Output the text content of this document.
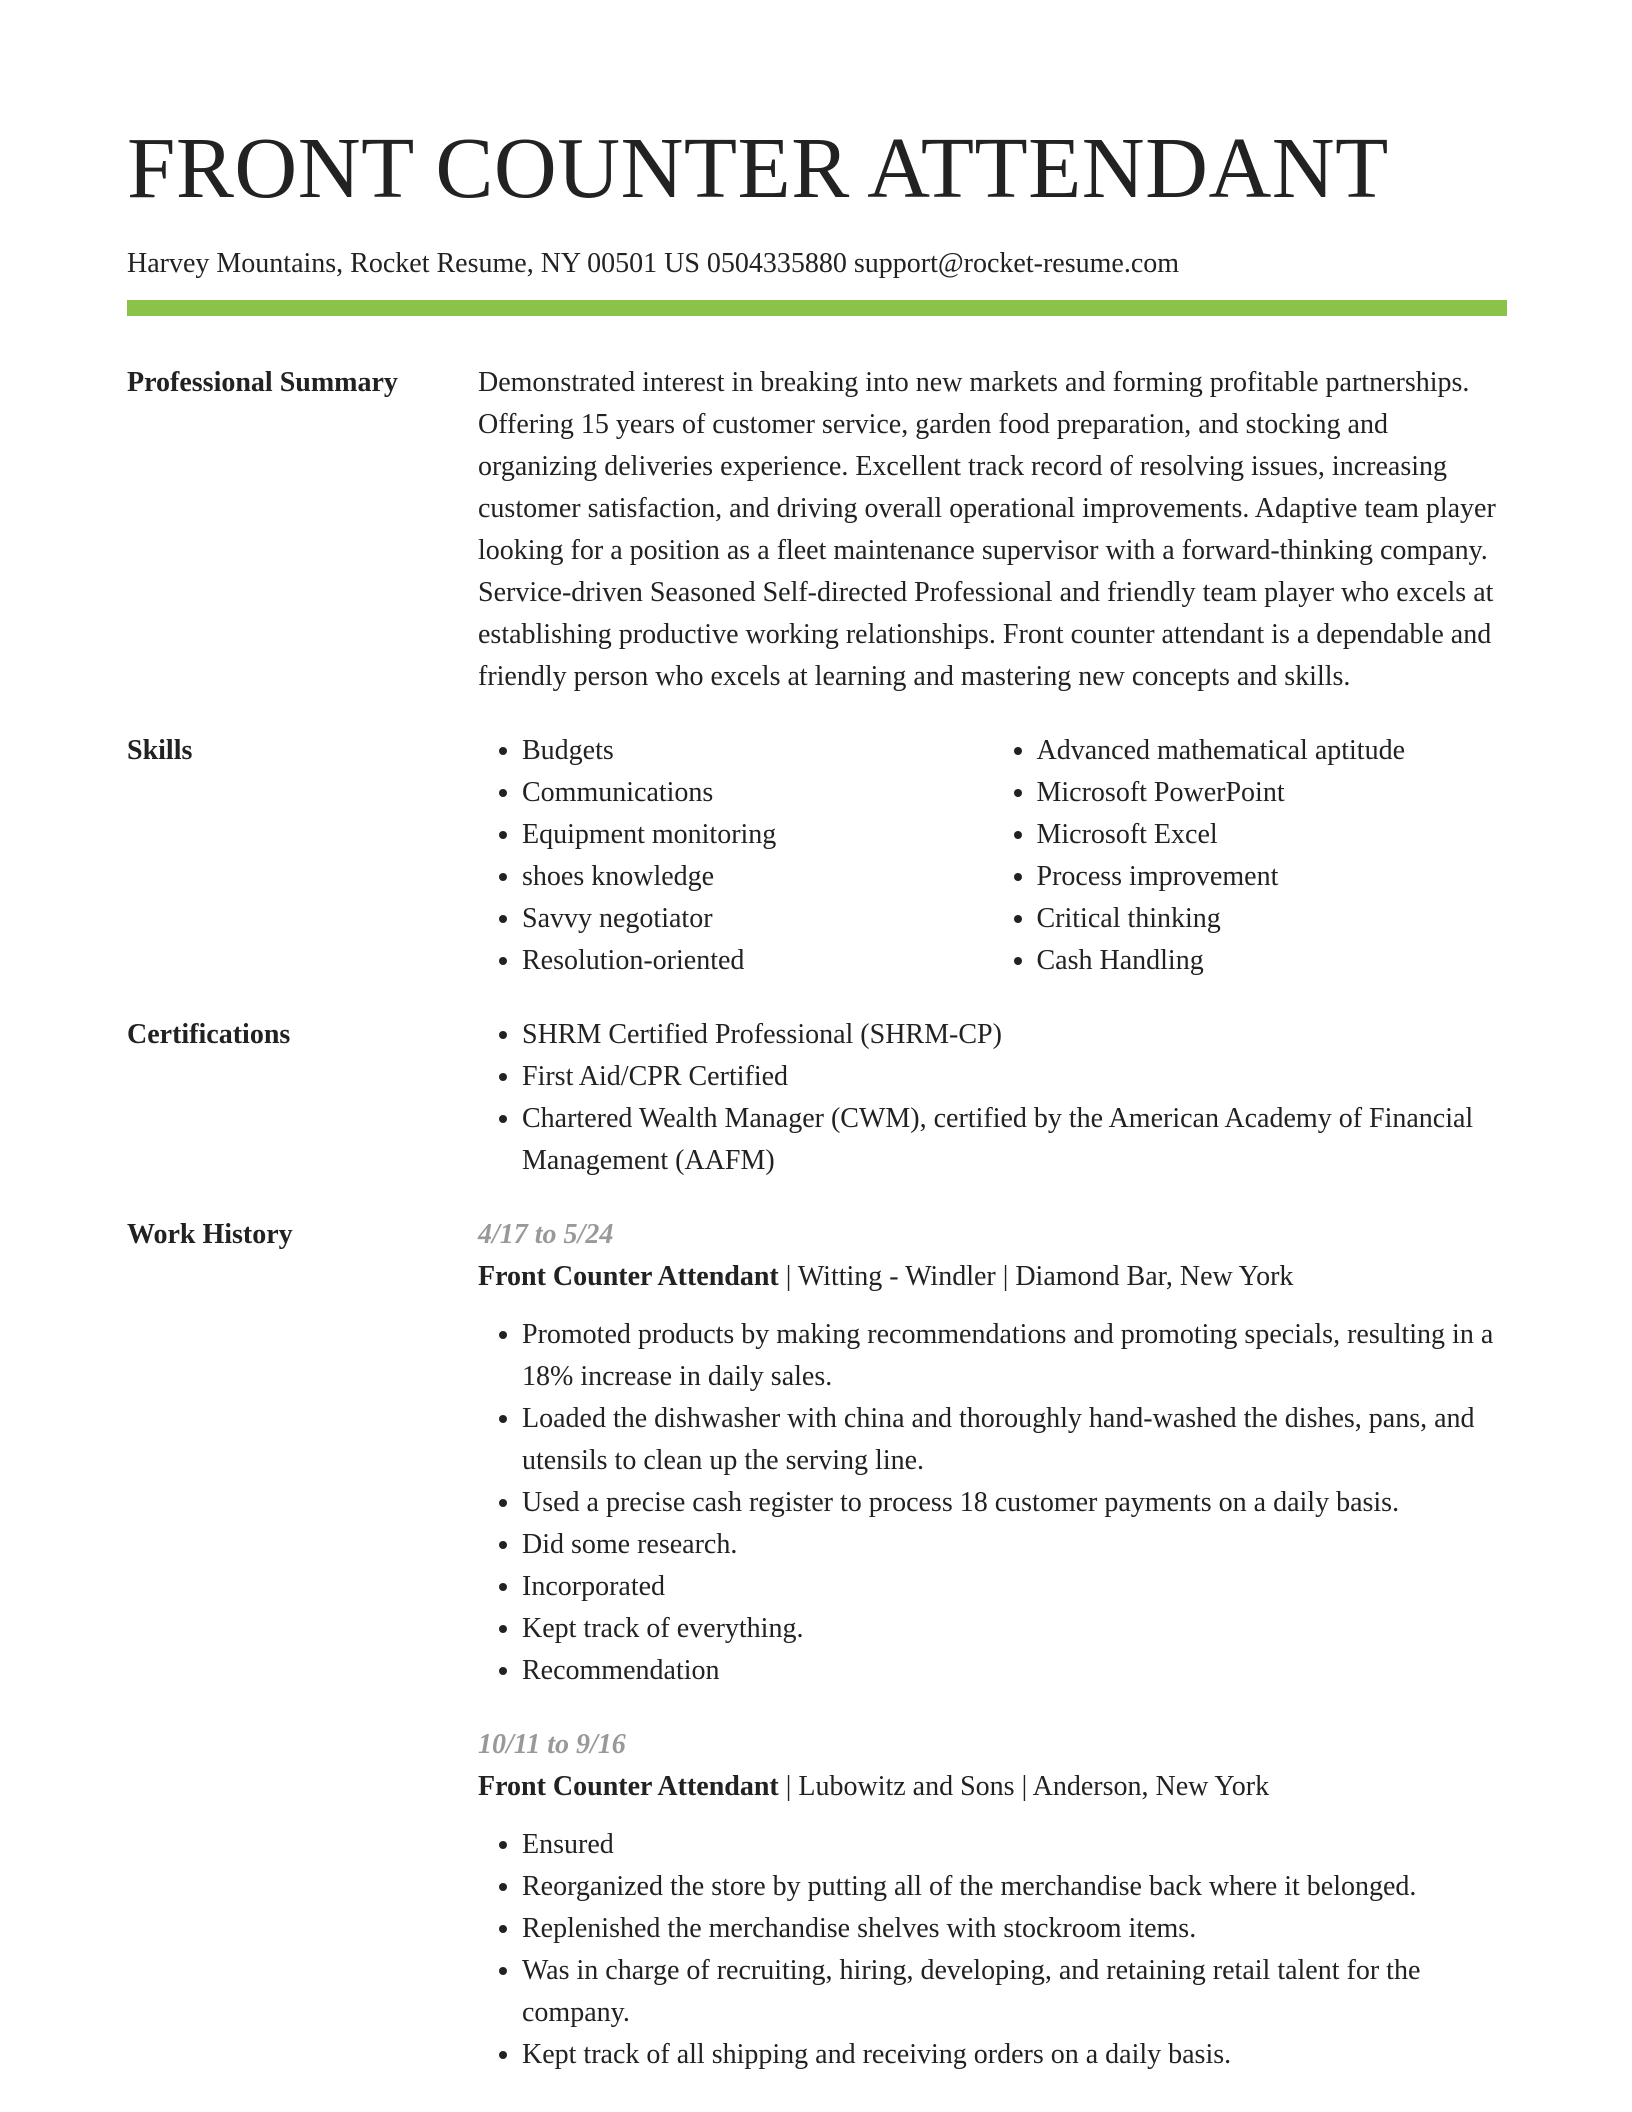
FRONT COUNTER ATTENDANT
Harvey Mountains, Rocket Resume, NY 00501 US 0504335880 support@rocket-resume.com
Professional Summary	Demonstrated interest in breaking into new markets and forming profitable partnerships. Offering 15 years of customer service, garden food preparation, and stocking and organizing deliveries experience. Excellent track record of resolving issues, increasing customer satisfaction, and driving overall operational improvements. Adaptive team player looking for a position as a fleet maintenance supervisor with a forward-thinking company. Service-driven Seasoned Self-directed Professional and friendly team player who excels at establishing productive working relationships. Front counter attendant is a dependable and friendly person who excels at learning and mastering new concepts and skills.

Skills	• Budgets
• Communications
• Equipment monitoring
• shoes knowledge
• Savvy negotiator
• Resolution-oriented
• Advanced mathematical aptitude
• Microsoft PowerPoint
• Microsoft Excel
• Process improvement
• Critical thinking
• Cash Handling
Certifications	• SHRM Certified Professional (SHRM-CP)
• First Aid/CPR Certified
• Chartered Wealth Manager (CWM), certified by the American Academy of Financial Management (AAFM)
Work History	4/17 to 5/24
Front Counter Attendant | Witting - Windler | Diamond Bar, New York
• Promoted products by making recommendations and promoting specials, resulting in a 18% increase in daily sales.
• Loaded the dishwasher with china and thoroughly hand-washed the dishes, pans, and utensils to clean up the serving line.
• Used a precise cash register to process 18 customer payments on a daily basis.
• Did some research.
• Incorporated
• Kept track of everything.
• Recommendation
10/11 to 9/16
Front Counter Attendant | Lubowitz and Sons | Anderson, New York
• Ensured
• Reorganized the store by putting all of the merchandise back where it belonged.
• Replenished the merchandise shelves with stockroom items.
• Was in charge of recruiting, hiring, developing, and retaining retail talent for the company.
• Kept track of all shipping and receiving orders on a daily basis.
